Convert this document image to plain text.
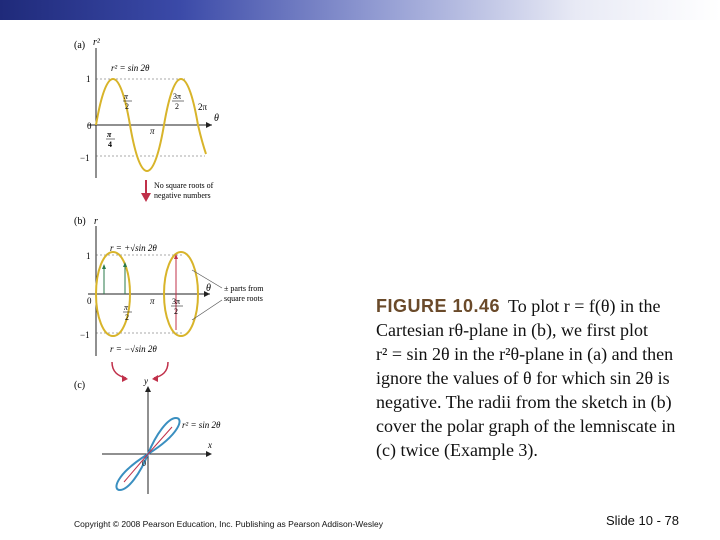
(a) r²
θ
1
0
−1
π
4
π
2
π
3π
2 2π
r² = sin 2θ
No square roots of
negative numbers
(b) r
θ
1
0
−1
π
2
π 3π
2
r = +√sin 2θ
r = −√sin 2θ
± parts from
square roots
(c)	y
x
0
r² = sin 2θ
FIGURE 10.46 To plot r = f(θ) in the
Cartesian rθ-plane in (b), we first plot
r² = sin 2θ in the r²θ-plane in (a) and then
ignore the values of θ for which sin 2θ is
negative. The radii from the sketch in (b)
cover the polar graph of the lemniscate in
(c) twice (Example 3).
Copyright © 2008 Pearson Education, Inc. Publishing as Pearson Addison-Wesley	Slide 10 - 78
